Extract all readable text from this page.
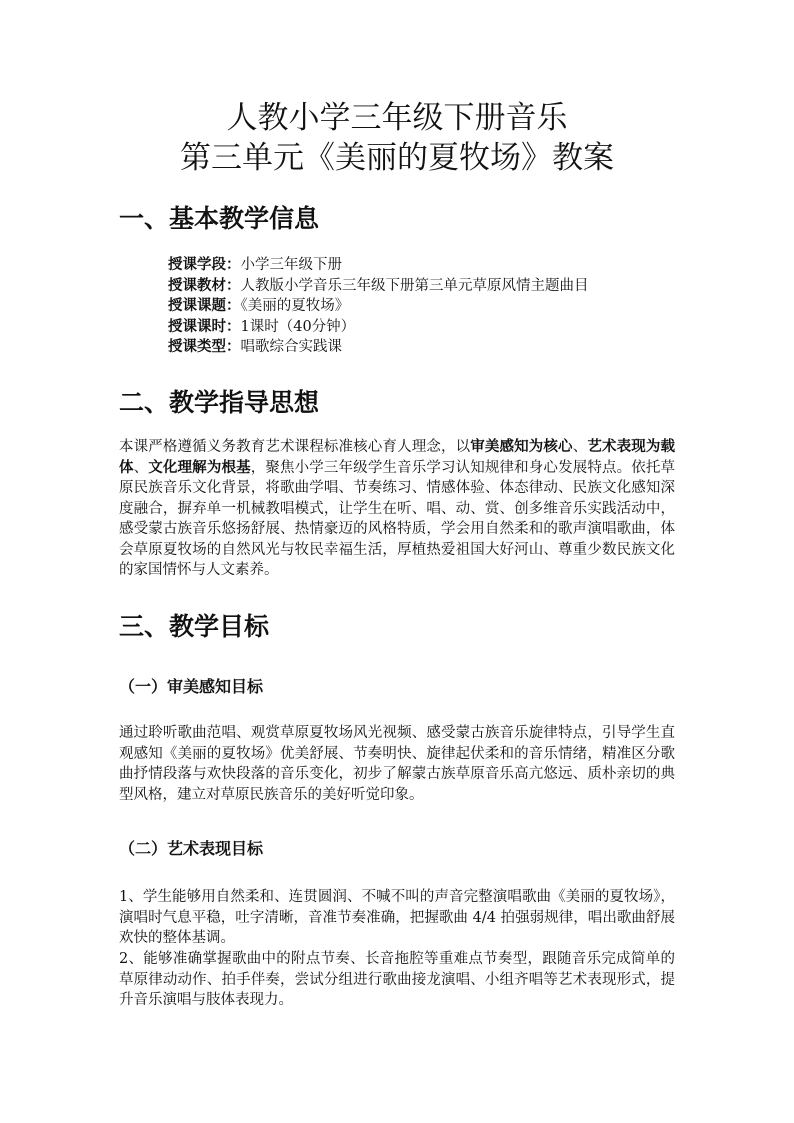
人教小学三年级下册音乐
第三单元《美丽的夏牧场》教案
一、基本教学信息
授课学段：小学三年级下册
授课教材：人教版小学音乐三年级下册第三单元草原风情主题曲目
授课课题：《美丽的夏牧场》
授课课时：1课时（40分钟）
授课类型：唱歌综合实践课
二、教学指导思想

本课严格遵循义务教育艺术课程标准核心育人理念，以审美感知为核心、艺术表现为载体、文化理解为根基，聚焦小学三年级学生音乐学习认知规律和身心发展特点。依托草原民族音乐文化背景，将歌曲学唱、节奏练习、情感体验、体态律动、民族文化感知深度融合，摒弃单一机械教唱模式，让学生在听、唱、动、赏、创多维音乐实践活动中，感受蒙古族音乐悠扬舒展、热情豪迈的风格特质，学会用自然柔和的歌声演唱歌曲，体会草原夏牧场的自然风光与牧民幸福生活，厚植热爱祖国大好河山、尊重少数民族文化的家国情怀与人文素养。

三、教学目标
（一）审美感知目标

通过聆听歌曲范唱、观赏草原夏牧场风光视频、感受蒙古族音乐旋律特点，引导学生直观感知《美丽的夏牧场》优美舒展、节奏明快、旋律起伏柔和的音乐情绪，精准区分歌曲抒情段落与欢快段落的音乐变化，初步了解蒙古族草原音乐高亢悠远、质朴亲切的典型风格，建立对草原民族音乐的美好听觉印象。

（二）艺术表现目标

1、学生能够用自然柔和、连贯圆润、不喊不叫的声音完整演唱歌曲《美丽的夏牧场》，演唱时气息平稳，吐字清晰，音准节奏准确，把握歌曲 4/4 拍强弱规律，唱出歌曲舒展欢快的整体基调。

2、能够准确掌握歌曲中的附点节奏、长音拖腔等重难点节奏型，跟随音乐完成简单的草原律动动作、拍手伴奏，尝试分组进行歌曲接龙演唱、小组齐唱等艺术表现形式，提升音乐演唱与肢体表现力。
